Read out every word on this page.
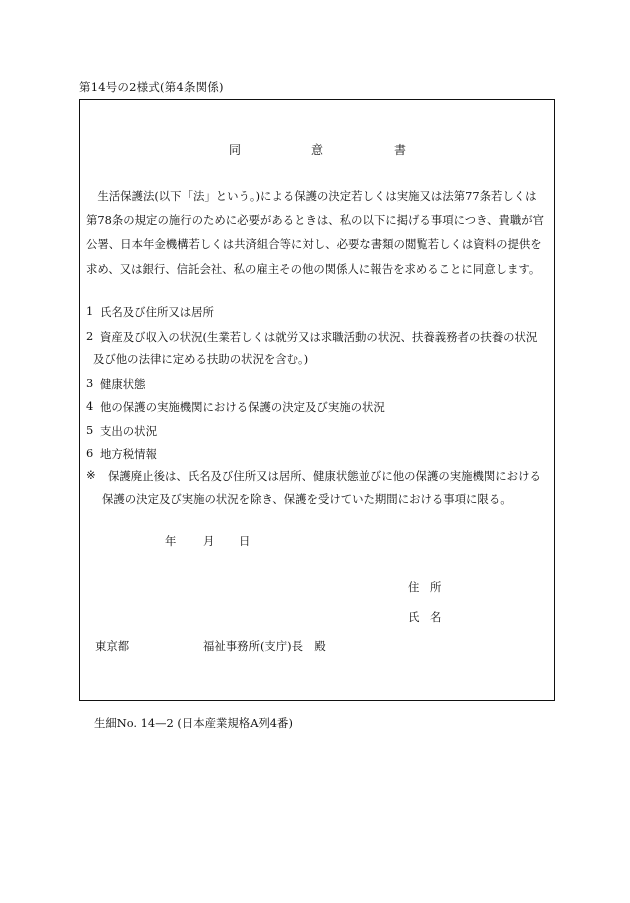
第14号の2様式(第4条関係)
同	意	書
　生活保護法(以下「法」という。)による保護の決定若しくは実施又は法第77条若しくは
第78条の規定の施行のために必要があるときは、私の以下に掲げる事項につき、貴職が官
公署、日本年金機構若しくは共済組合等に対し、必要な書類の閲覧若しくは資料の提供を
求め、又は銀行、信託会社、私の雇主その他の関係人に報告を求めることに同意します。
1 氏名及び住所又は居所
2 資産及び収入の状況(生業若しくは就労又は求職活動の状況、扶養義務者の扶養の状況
及び他の法律に定める扶助の状況を含む。)
3 健康状態
4 他の保護の実施機関における保護の決定及び実施の状況
5 支出の状況
6 地方税情報
※ 保護廃止後は、氏名及び住所又は居所、健康状態並びに他の保護の実施機関における
保護の決定及び実施の状況を除き、保護を受けていた期間における事項に限る。
年 月 日
住 所
氏 名
東京都	福祉事務所(支庁)長　殿
生細No. 14—2 (日本産業規格A列4番)
